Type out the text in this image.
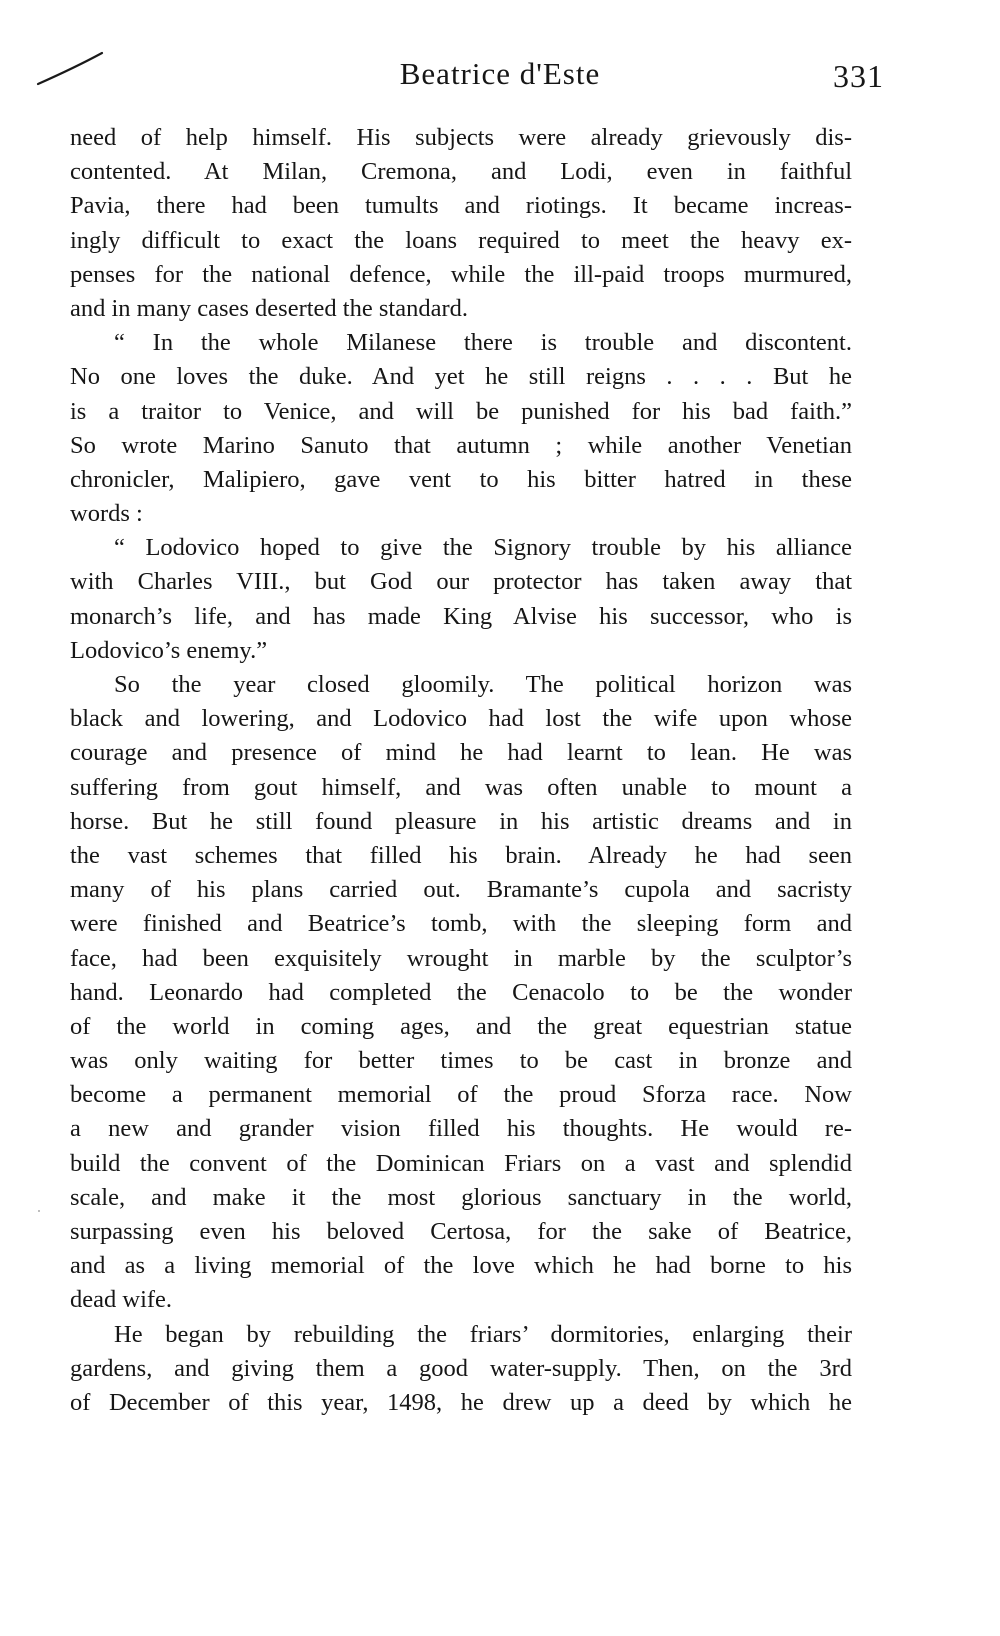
Beatrice d'Este	331
need of help himself. His subjects were already grievously dis-
contented. At Milan, Cremona, and Lodi, even in faithful
Pavia, there had been tumults and riotings. It became increas-
ingly difficult to exact the loans required to meet the heavy ex-
penses for the national defence, while the ill-paid troops murmured,
and in many cases deserted the standard.
“ In the whole Milanese there is trouble and discontent.
No one loves the duke. And yet he still reigns . . . . But he
is a traitor to Venice, and will be punished for his bad faith.”
So wrote Marino Sanuto that autumn ; while another Venetian
chronicler, Malipiero, gave vent to his bitter hatred in these
words :
“ Lodovico hoped to give the Signory trouble by his alliance
with Charles VIII., but God our protector has taken away that
monarch’s life, and has made King Alvise his successor, who is
Lodovico’s enemy.”
So the year closed gloomily. The political horizon was
black and lowering, and Lodovico had lost the wife upon whose
courage and presence of mind he had learnt to lean. He was
suffering from gout himself, and was often unable to mount a
horse. But he still found pleasure in his artistic dreams and in
the vast schemes that filled his brain. Already he had seen
many of his plans carried out. Bramante’s cupola and sacristy
were finished and Beatrice’s tomb, with the sleeping form and
face, had been exquisitely wrought in marble by the sculptor’s
hand. Leonardo had completed the Cenacolo to be the wonder
of the world in coming ages, and the great equestrian statue
was only waiting for better times to be cast in bronze and
become a permanent memorial of the proud Sforza race. Now
a new and grander vision filled his thoughts. He would re-
build the convent of the Dominican Friars on a vast and splendid
scale, and make it the most glorious sanctuary in the world,
surpassing even his beloved Certosa, for the sake of Beatrice,
and as a living memorial of the love which he had borne to his
dead wife.
He began by rebuilding the friars’ dormitories, enlarging their
gardens, and giving them a good water-supply. Then, on the 3rd
of December of this year, 1498, he drew up a deed by which he
